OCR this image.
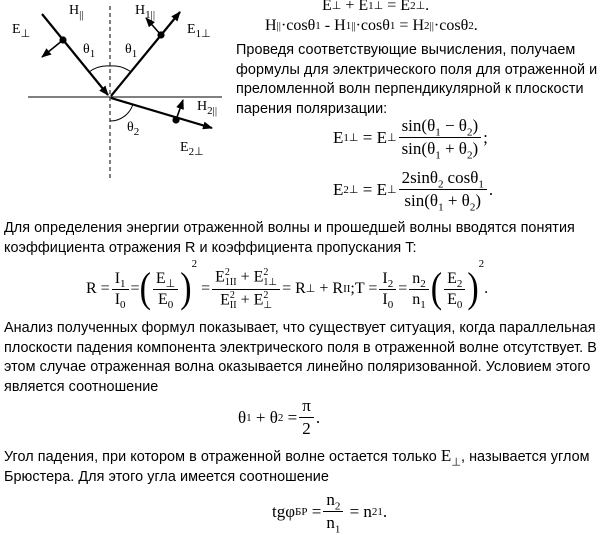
$E_\perp$
$H_{||}$	$H_{1||}$
$E_{1\perp}$
$\theta_1$ $\theta_1$
$H_{2||}$
$\theta_2$
$E_{2\perp}$
E ⊥ + E 1⊥ = E 2⊥ .
H || ·cosθ 1 - H 1|| ·cosθ 1 = H 2|| ·cosθ 2 .
Проведя соответствующие вычисления, получаем формулы для электрического поля для отраженной и преломленной волн перпендикулярной к плоскости парения поляризации:
E 1⊥ = E ⊥ $\frac{\sin(\theta_1 - \theta_2)}{\sin(\theta_1 + \theta_2)}$ ;
E 2⊥ = E ⊥ $\frac{2\sin\theta_2 \cos\theta_1}{\sin(\theta_1 + \theta_2)}$ .
Для определения энергии отраженной волны и прошедшей волны вводятся понятия коэффициента отражения R и коэффициента пропускания T:
$R = \frac{I_1}{I_0}$ = ( $\frac{E_\perp}{E_0}$ )
2
= E 2
1II + E 2
1⊥
E 2
II + E 2
⊥ = R ⊥ + R II ;T = $\frac{I_2}{I_0} = \frac{n_2}{n_1}$ ( $\frac{E_2}{E_0}$ )
2
.
Анализ полученных формул показывает, что существует ситуация, когда параллельная плоскости падения компонента электрического поля в отраженной волне отсутствует. В этом случае отраженная волна оказывается линейно поляризованной. Условием этого является соотношение
θ 1 + θ $2 = \frac{\pi}{2}$ .
Угол падения, при котором в отраженной волне остается только $E_\perp$, называется углом Брюстера. Для этого угла имеется соотношение
tgφ БР = $\frac{n_2}{n_1} = n$ 21 .
